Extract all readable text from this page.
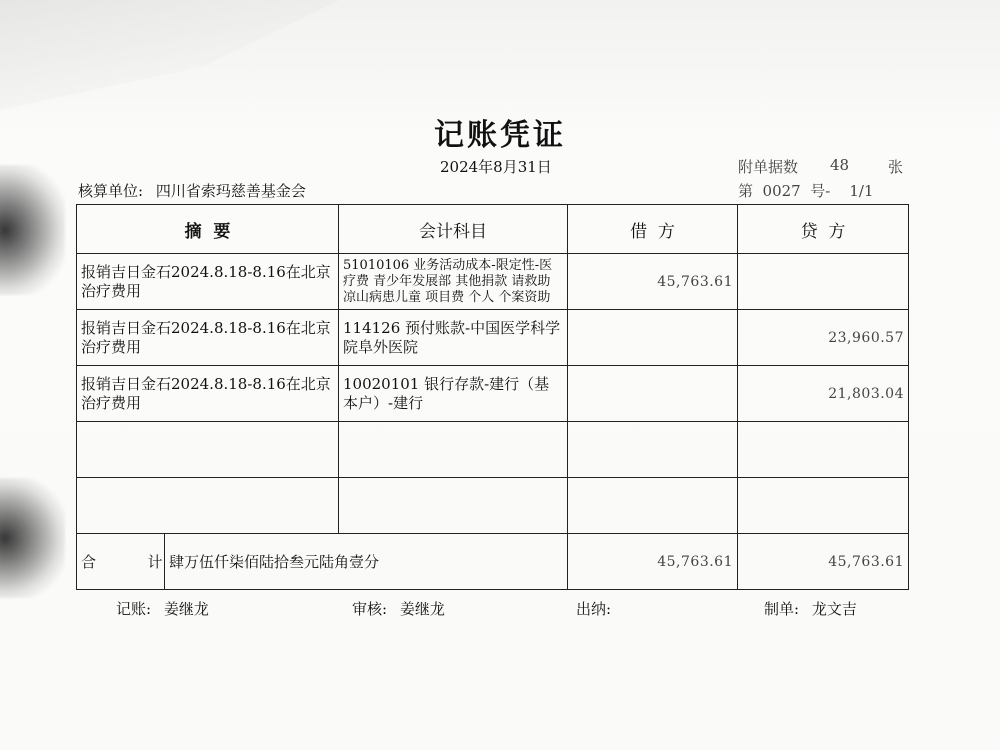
记账凭证
2024年8月31日	附单据数 48	张
核算单位: 四川省索玛慈善基金会	第  0027  号-    1/1
摘  要		会计科目	借  方	贷  方
报销吉日金石2024.8.18-8.16在北京治疗费用		51010106 业务活动成本-限定性-医疗费 青少年发展部 其他捐款 请救助凉山病患儿童 项目费 个人 个案资助	45,763.61	
报销吉日金石2024.8.18-8.16在北京治疗费用		114126 预付账款-中国医学科学院阜外医院		23,960.57
报销吉日金石2024.8.18-8.16在北京治疗费用		10020101 银行存款-建行（基本户）-建行		21,803.04

合  计	肆万伍仟柒佰陆拾叁元陆角壹分		45,763.61	45,763.61
记账: 姜继龙	审核: 姜继龙	出纳:	制单: 龙文吉
